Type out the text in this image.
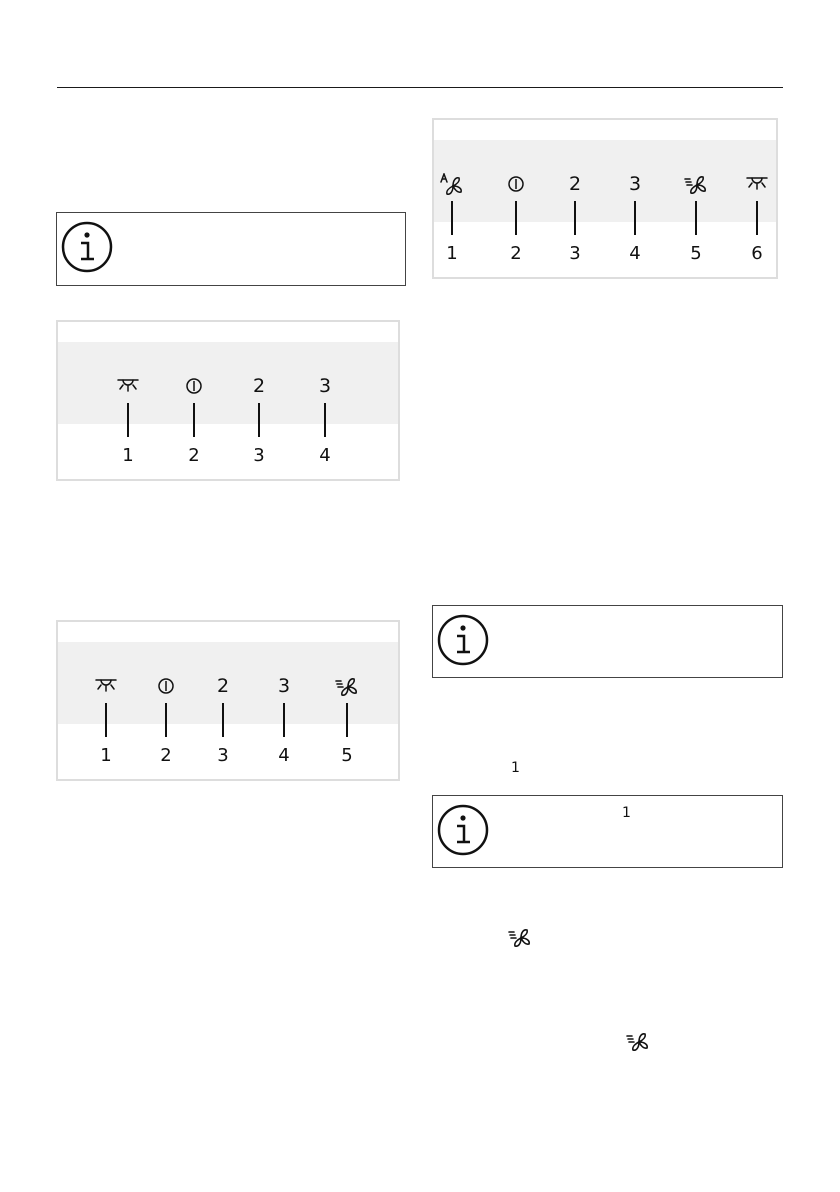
1	2
2
3
3
4
1	2
2
3
3
4	5
1	2
2
3
3
4	5	6
1
1
